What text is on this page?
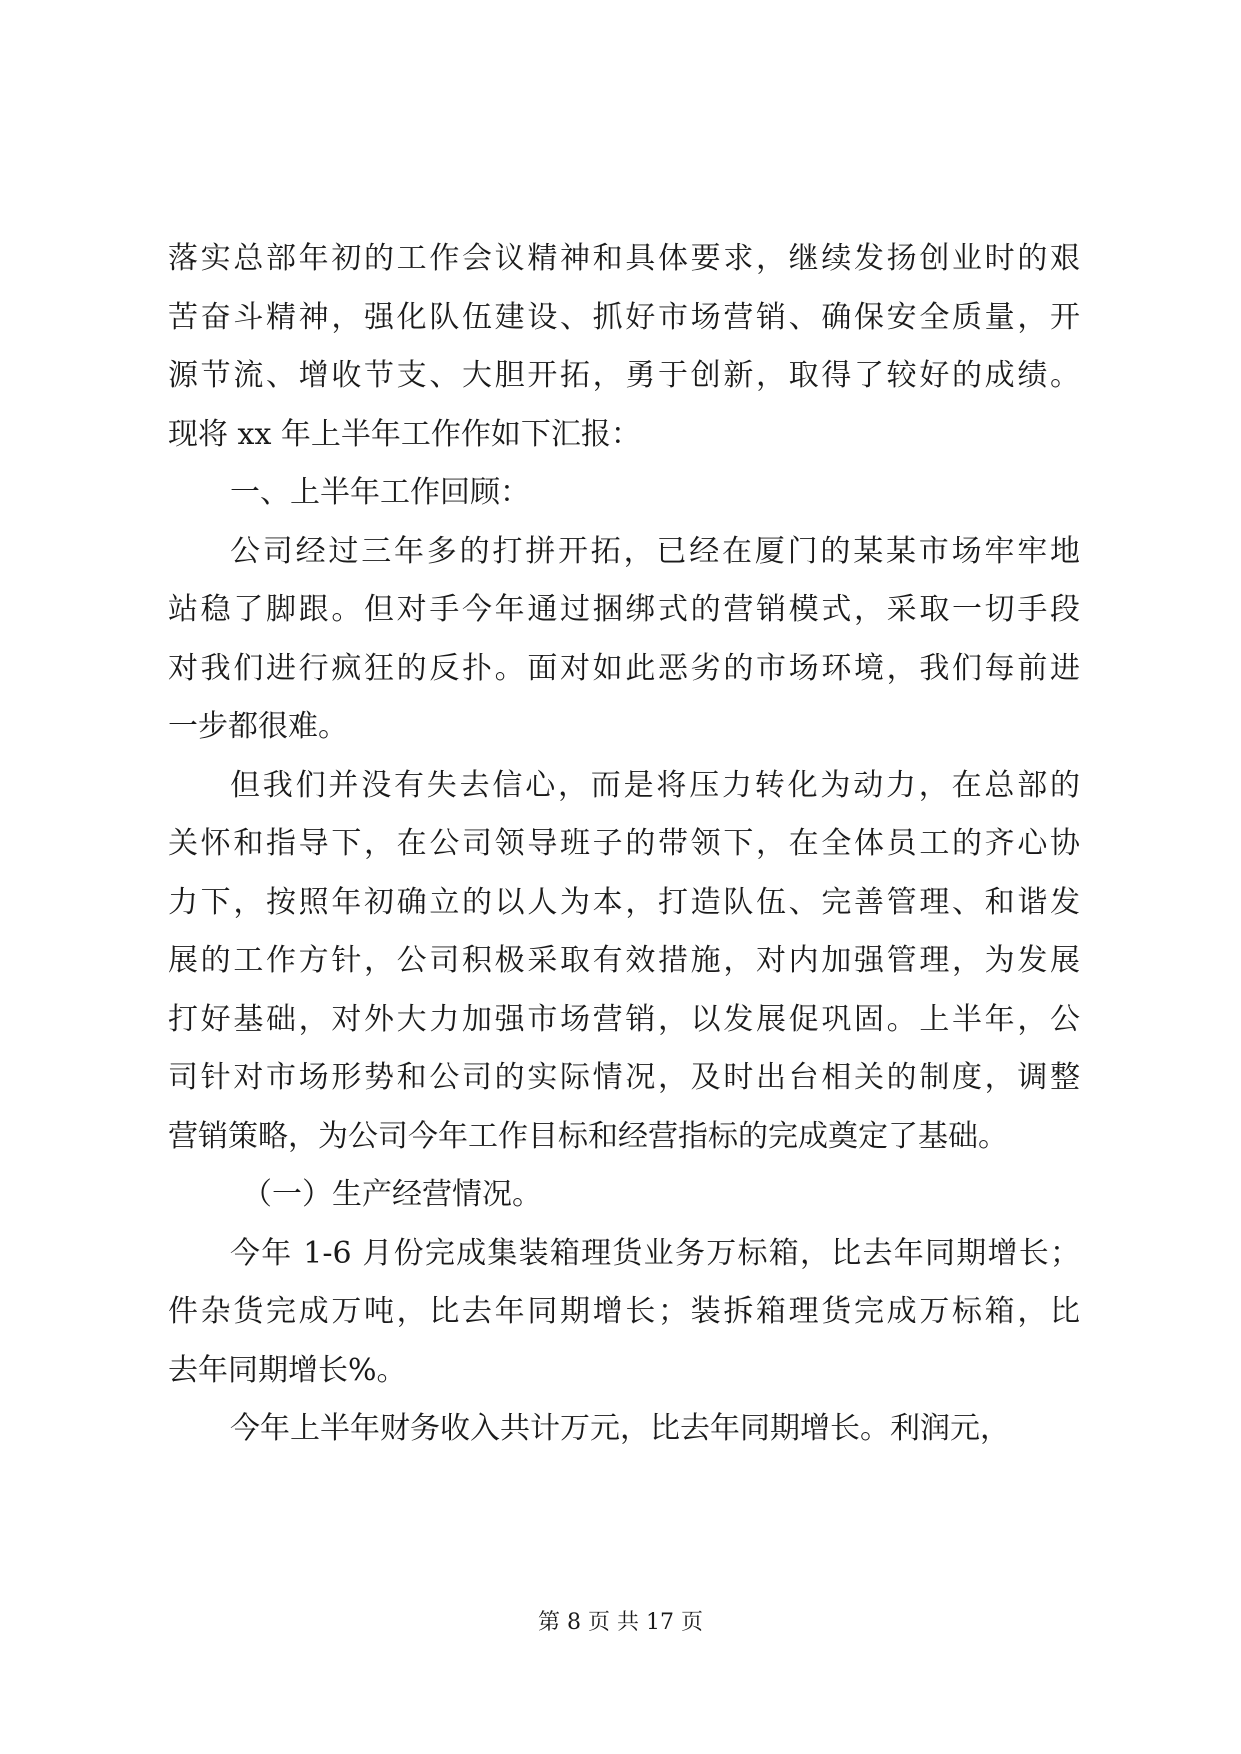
落实总部年初的工作会议精神和具体要求，继续发扬创业时的艰
苦奋斗精神，强化队伍建设、抓好市场营销、确保安全质量，开
源节流、增收节支、大胆开拓，勇于创新，取得了较好的成绩。
现将 xx 年上半年工作作如下汇报：
一、上半年工作回顾：
公司经过三年多的打拼开拓，已经在厦门的某某市场牢牢地
站稳了脚跟。但对手今年通过捆绑式的营销模式，采取一切手段
对我们进行疯狂的反扑。面对如此恶劣的市场环境，我们每前进
一步都很难。
但我们并没有失去信心，而是将压力转化为动力，在总部的
关怀和指导下，在公司领导班子的带领下，在全体员工的齐心协
力下，按照年初确立的以人为本，打造队伍、完善管理、和谐发
展的工作方针，公司积极采取有效措施，对内加强管理，为发展
打好基础，对外大力加强市场营销，以发展促巩固。上半年，公
司针对市场形势和公司的实际情况，及时出台相关的制度，调整
营销策略，为公司今年工作目标和经营指标的完成奠定了基础。
（一）生产经营情况。
今年 1-6 月份完成集装箱理货业务万标箱，比去年同期增长；
件杂货完成万吨，比去年同期增长；装拆箱理货完成万标箱，比
去年同期增长%。
今年上半年财务收入共计万元，比去年同期增长。利润元，
第 8 页 共 17 页
